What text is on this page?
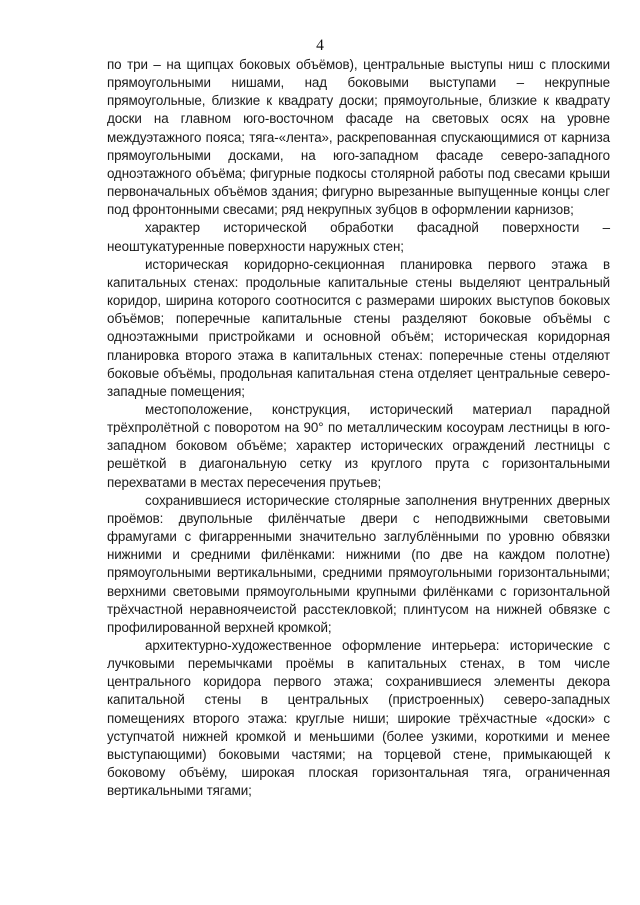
4

по три – на щипцах боковых объёмов), центральные выступы ниш с плоскими прямоугольными нишами, над боковыми выступами – некрупные прямоугольные, близкие к квадрату доски; прямоугольные, близкие к квадрату доски на главном юго-восточном фасаде на световых осях на уровне междуэтажного пояса; тяга-«лента», раскрепованная спускающимися от карниза прямоугольными досками, на юго-западном фасаде северо-западного одноэтажного объёма; фигурные подкосы столярной работы под свесами крыши первоначальных объёмов здания; фигурно вырезанные выпущенные концы слег под фронтонными свесами; ряд некрупных зубцов в оформлении карнизов;

характер исторической обработки фасадной поверхности – неоштукатуренные поверхности наружных стен;

историческая коридорно-секционная планировка первого этажа в капитальных стенах: продольные капитальные стены выделяют центральный коридор, ширина которого соотносится с размерами широких выступов боковых объёмов; поперечные капитальные стены разделяют боковые объёмы с одноэтажными пристройками и основной объём; историческая коридорная планировка второго этажа в капитальных стенах: поперечные стены отделяют боковые объёмы, продольная капитальная стена отделяет центральные северо-западные помещения;

местоположение, конструкция, исторический материал парадной трёхпролётной с поворотом на 90° по металлическим косоурам лестницы в юго-западном боковом объёме; характер исторических ограждений лестницы с решёткой в диагональную сетку из круглого прута с горизонтальными перехватами в местах пересечения прутьев;

сохранившиеся исторические столярные заполнения внутренних дверных проёмов: двупольные филёнчатые двери с неподвижными световыми фрамугами с фигарренными значительно заглублёнными по уровню обвязки нижними и средними филёнками: нижними (по две на каждом полотне) прямоугольными вертикальными, средними прямоугольными горизонтальными; верхними световыми прямоугольными крупными филёнками с горизонтальной трёхчастной неравноячеистой расстекловкой; плинтусом на нижней обвязке с профилированной верхней кромкой;

архитектурно-художественное оформление интерьера: исторические с лучковыми перемычками проёмы в капитальных стенах, в том числе центрального коридора первого этажа; сохранившиеся элементы декора капитальной стены в центральных (пристроенных) северо-западных помещениях второго этажа: круглые ниши; широкие трёхчастные «доски» с уступчатой нижней кромкой и меньшими (более узкими, короткими и менее выступающими) боковыми частями; на торцевой стене, примыкающей к боковому объёму, широкая плоская горизонтальная тяга, ограниченная вертикальными тягами;
